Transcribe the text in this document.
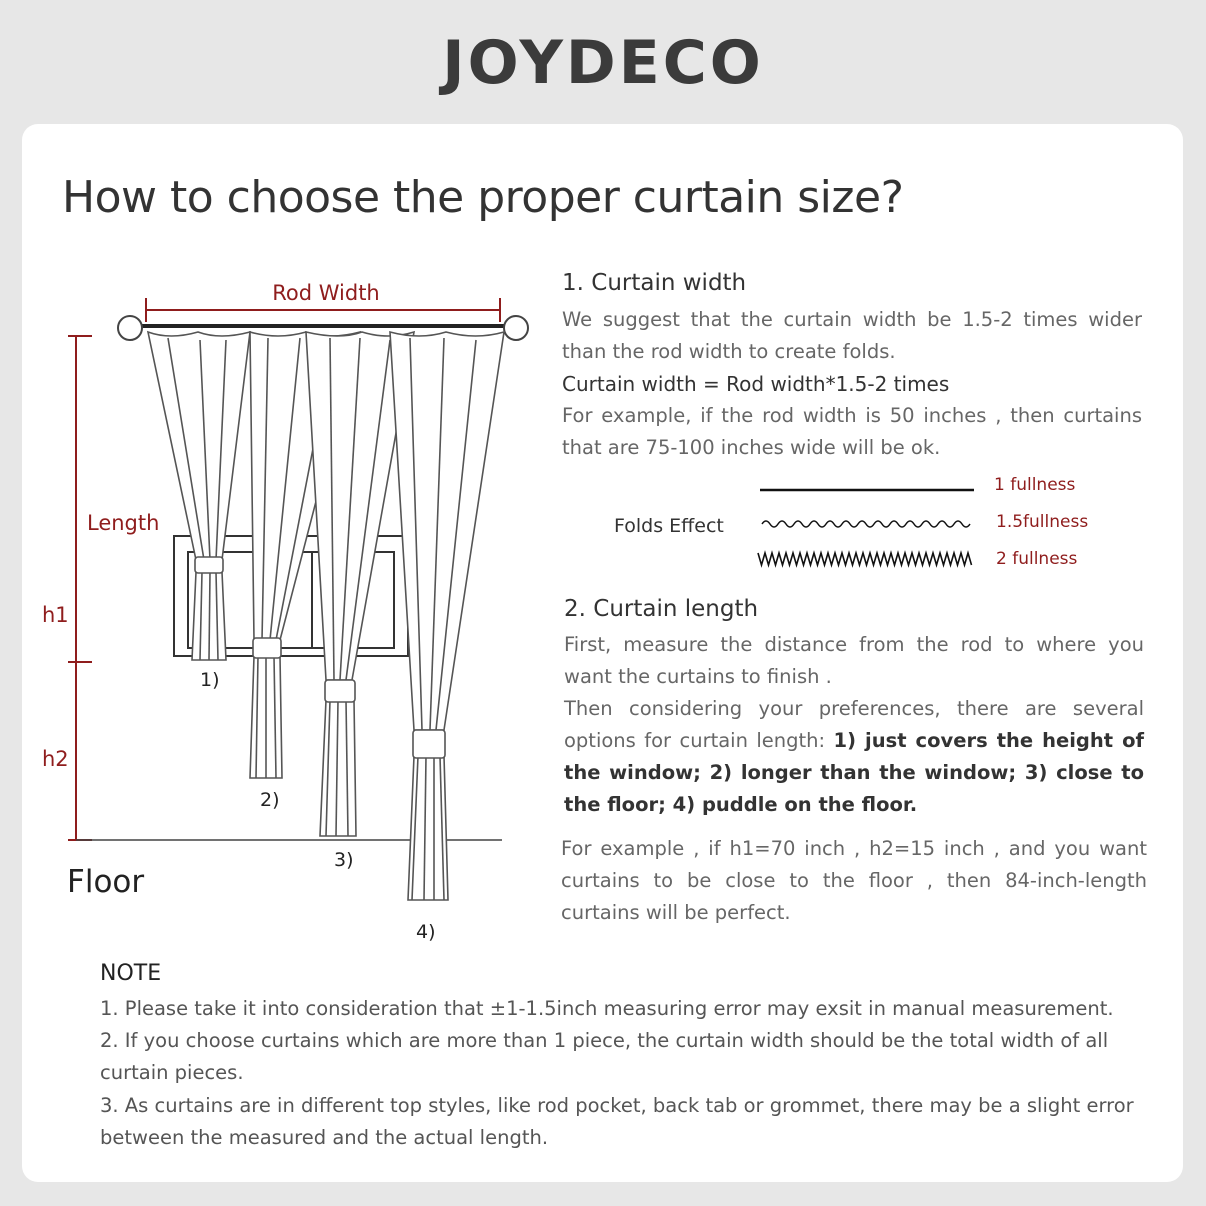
JOYDECO
How to choose the proper curtain size?
Rod Width
Length
h1
h2
Floor
1)
2)
3)
4)
1. Curtain width
We suggest that the curtain width be 1.5-2 times wider than the rod width to create folds.
Curtain width = Rod width*1.5-2 times
For example, if the rod width is 50 inches , then curtains that are 75-100 inches wide will be ok.
Folds Effect
1 fullness
1.5fullness
2 fullness
2. Curtain length
First, measure the distance from the rod to where you want the curtains to finish .
Then considering your preferences, there are several options for curtain length: 1) just covers the height of the window; 2) longer than the window; 3) close to the floor; 4) puddle on the floor.
For example , if h1=70 inch , h2=15 inch , and you want curtains to be close to the floor , then 84-inch-length curtains will be perfect.
NOTE
1. Please take it into consideration that ±1-1.5inch measuring error may exsit in manual measurement.
2. If you choose curtains which are more than 1 piece, the curtain width should be the total width of all curtain pieces.
3. As curtains are in different top styles, like rod pocket, back tab or grommet, there may be a slight error between the measured and the actual length.
